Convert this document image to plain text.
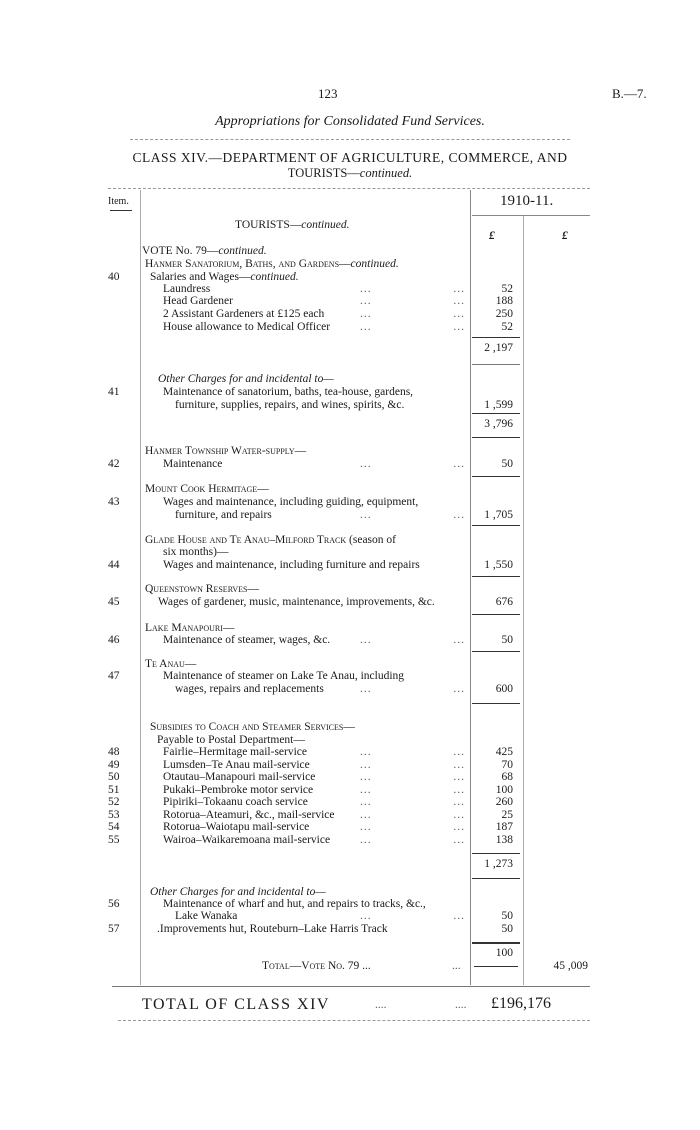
123	B.—7.
Appropriations for Consolidated Fund Services.
CLASS XIV.—DEPARTMENT OF AGRICULTURE, COMMERCE, AND
TOURISTS—continued.
Item.	1910-11.
£	£
TOURISTS—continued.
VOTE No. 79—continued.
Hanmer Sanatorium, Baths, and Gardens—continued.
40	Salaries and Wages—continued.
Laundress	52
Head Gardener	188
2 Assistant Gardeners at £125 each	250
House allowance to Medical Officer	52
2 ,197
Other Charges for and incidental to—
41	Maintenance of sanatorium, baths, tea-house, gardens,
furniture, supplies, repairs, and wines, spirits, &c.	1 ,599
3 ,796
Hanmer Township Water-supply—
42	Maintenance	50
Mount Cook Hermitage—
43	Wages and maintenance, including guiding, equipment,
furniture, and repairs	1 ,705
Glade House and Te Anau–Milford Track (season of
six months)—
44	Wages and maintenance, including furniture and repairs	1 ,550
Queenstown Reserves—
45	Wages of gardener, music, maintenance, improvements, &c.	676
Lake Manapouri—
46	Maintenance of steamer, wages, &c.	50
Te Anau—
47	Maintenance of steamer on Lake Te Anau, including
wages, repairs and replacements	600
Subsidies to Coach and Steamer Services—
Payable to Postal Department—
48	Fairlie–Hermitage mail-service	425
49	Lumsden–Te Anau mail-service	70
50	Otautau–Manapouri mail-service	68
51	Pukaki–Pembroke motor service	100
52	Pipiriki–Tokaanu coach service	260
53	Rotorua–Ateamuri, &c., mail-service	25
54	Rotorua–Waiotapu mail-service	187
55	Wairoa–Waikaremoana mail-service	138
1 ,273
Other Charges for and incidental to—
56	Maintenance of wharf and hut, and repairs to tracks, &c.,
Lake Wanaka	50
57	.Improvements hut, Routeburn–Lake Harris Track	50
100
Total—Vote No. 79 ...	...	45 ,009
TOTAL OF CLASS XIV	....	.... £196,176
